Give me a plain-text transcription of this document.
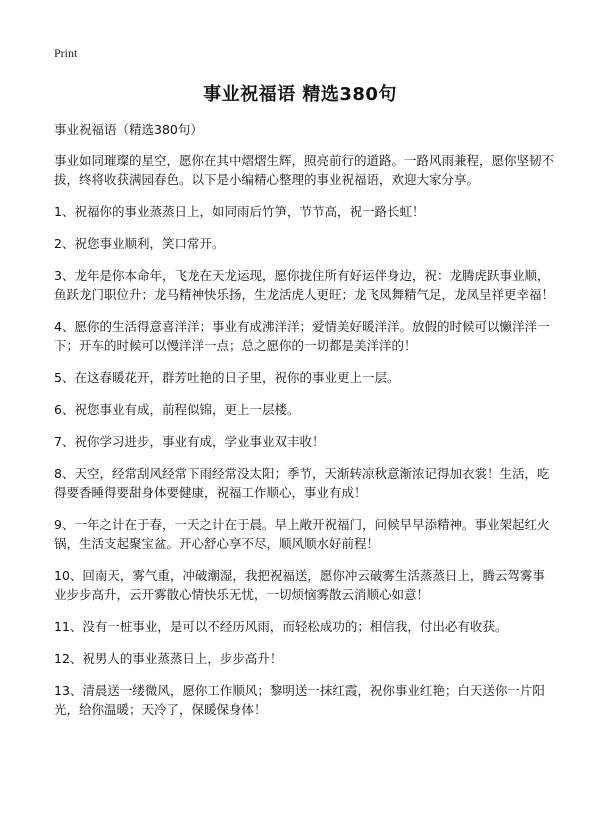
Print
事业祝福语 精选380句

事业祝福语（精选380句）

事业如同璀璨的星空，愿你在其中熠熠生辉，照亮前行的道路。一路风雨兼程，愿你坚韧不拔，终将收获满园春色。以下是小编精心整理的事业祝福语，欢迎大家分享。

1、祝福你的事业蒸蒸日上，如同雨后竹笋，节节高，祝一路长虹！

2、祝您事业顺利，笑口常开。

3、龙年是你本命年，飞龙在天龙运现，愿你拢住所有好运伴身边，祝：龙腾虎跃事业顺，鱼跃龙门职位升；龙马精神快乐扬，生龙活虎人更旺；龙飞凤舞精气足，龙凤呈祥更幸福！

4、愿你的生活得意喜洋洋；事业有成沸洋洋；爱情美好暖洋洋。放假的时候可以懒洋洋一下；开车的时候可以慢洋洋一点；总之愿你的一切都是美洋洋的！

5、在这春暖花开，群芳吐艳的日子里，祝你的事业更上一层。

6、祝您事业有成，前程似锦，更上一层楼。

7、祝你学习进步，事业有成，学业事业双丰收！

8、天空，经常刮风经常下雨经常没太阳；季节，天渐转凉秋意渐浓记得加衣裳！生活，吃得要香睡得要甜身体要健康，祝福工作顺心，事业有成！

9、一年之计在于春，一天之计在于晨。早上敞开祝福门，问候早早添精神。事业架起红火锅，生活支起聚宝盆。开心舒心享不尽，顺风顺水好前程！

10、回南天，雾气重，冲破潮湿，我把祝福送，愿你冲云破雾生活蒸蒸日上，腾云驾雾事业步步高升，云开雾散心情快乐无忧，一切烦恼雾散云消顺心如意！

11、没有一桩事业，是可以不经历风雨，而轻松成功的；相信我，付出必有收获。

12、祝男人的事业蒸蒸日上，步步高升！

13、清晨送一缕微风，愿你工作顺风；黎明送一抹红霞，祝你事业红艳；白天送你一片阳光，给你温暖；天冷了，保暖保身体！
